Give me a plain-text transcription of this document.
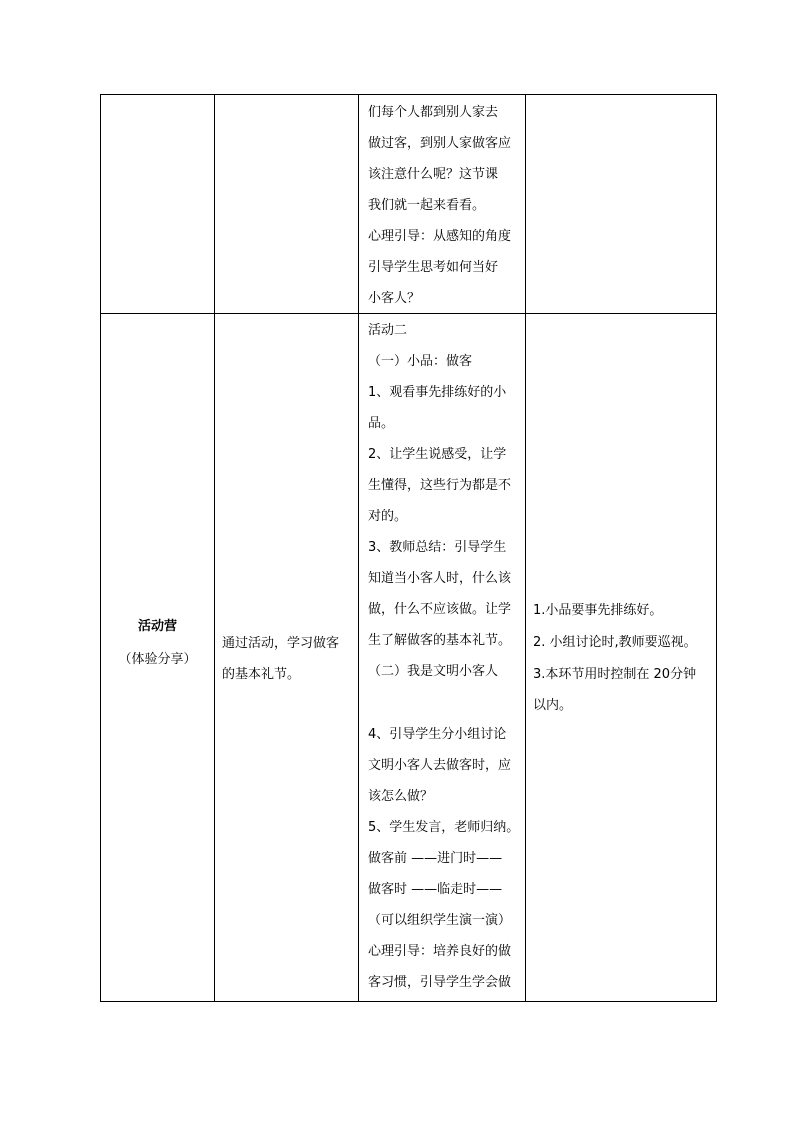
们每个人都到别人家去
做过客，到别人家做客应
该注意什么呢？这节课
我们就一起来看看。
心理引导：从感知的角度
引导学生思考如何当好
小客人？
活动营
（体验分享）
通过活动，学习做客
的基本礼节。
活动二
（一）小品：做客
1、观看事先排练好的小
品。
2、让学生说感受，让学
生懂得，这些行为都是不
对的。
3、教师总结：引导学生
知道当小客人时，什么该
做，什么不应该做。让学
生了解做客的基本礼节。
（二）我是文明小客人
4、引导学生分小组讨论
文明小客人去做客时，应
该怎么做？
5、学生发言，老师归纳。
做客前 ——进门时——
做客时 ——临走时——
（可以组织学生演一演）
心理引导：培养良好的做
客习惯，引导学生学会做
1.小品要事先排练好。
2. 小组讨论时,教师要巡视。
3.本环节用时控制在 20分钟
以内。
